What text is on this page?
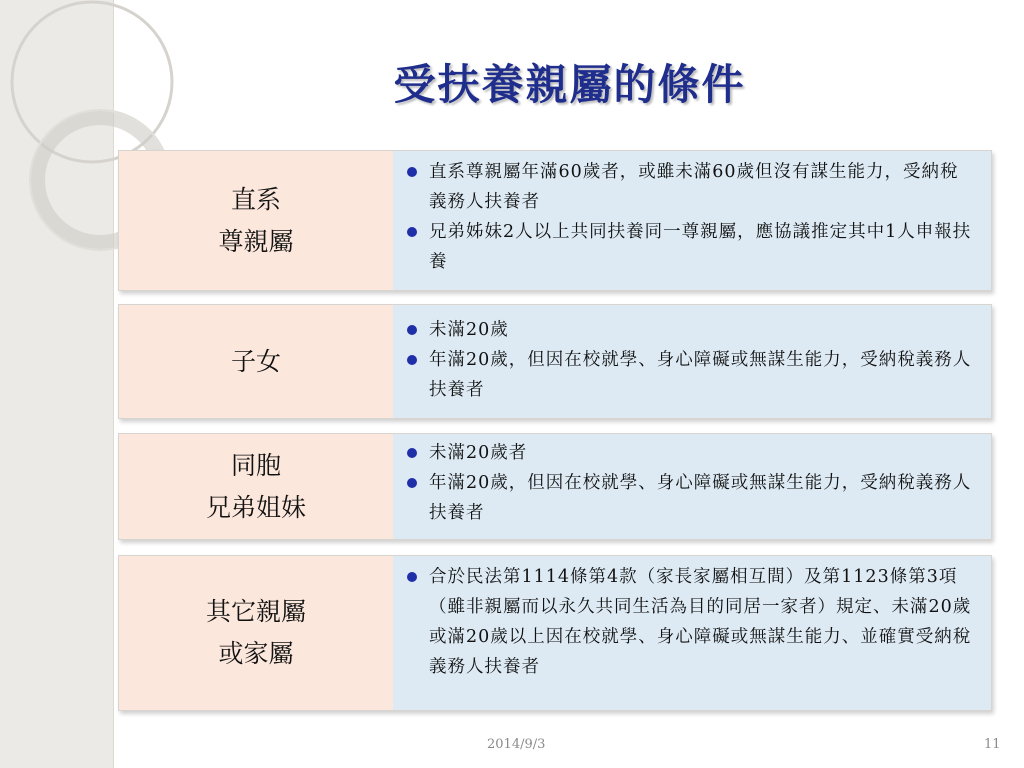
受扶養親屬的條件
直系
尊親屬
直系尊親屬年滿60歲者，或雖未滿60歲但沒有謀生能力，受納稅義務人扶養者
兄弟姊妹2人以上共同扶養同一尊親屬，應協議推定其中1人申報扶養
子女
未滿20歲
年滿20歲，但因在校就學、身心障礙或無謀生能力，受納稅義務人扶養者
同胞
兄弟姐妹
未滿20歲者
年滿20歲，但因在校就學、身心障礙或無謀生能力，受納稅義務人扶養者
其它親屬
或家屬
合於民法第1114條第4款（家長家屬相互間）及第1123條第3項（雖非親屬而以永久共同生活為目的同居一家者）規定、未滿20歲或滿20歲以上因在校就學、身心障礙或無謀生能力、並確實受納稅義務人扶養者
2014/9/3	11
